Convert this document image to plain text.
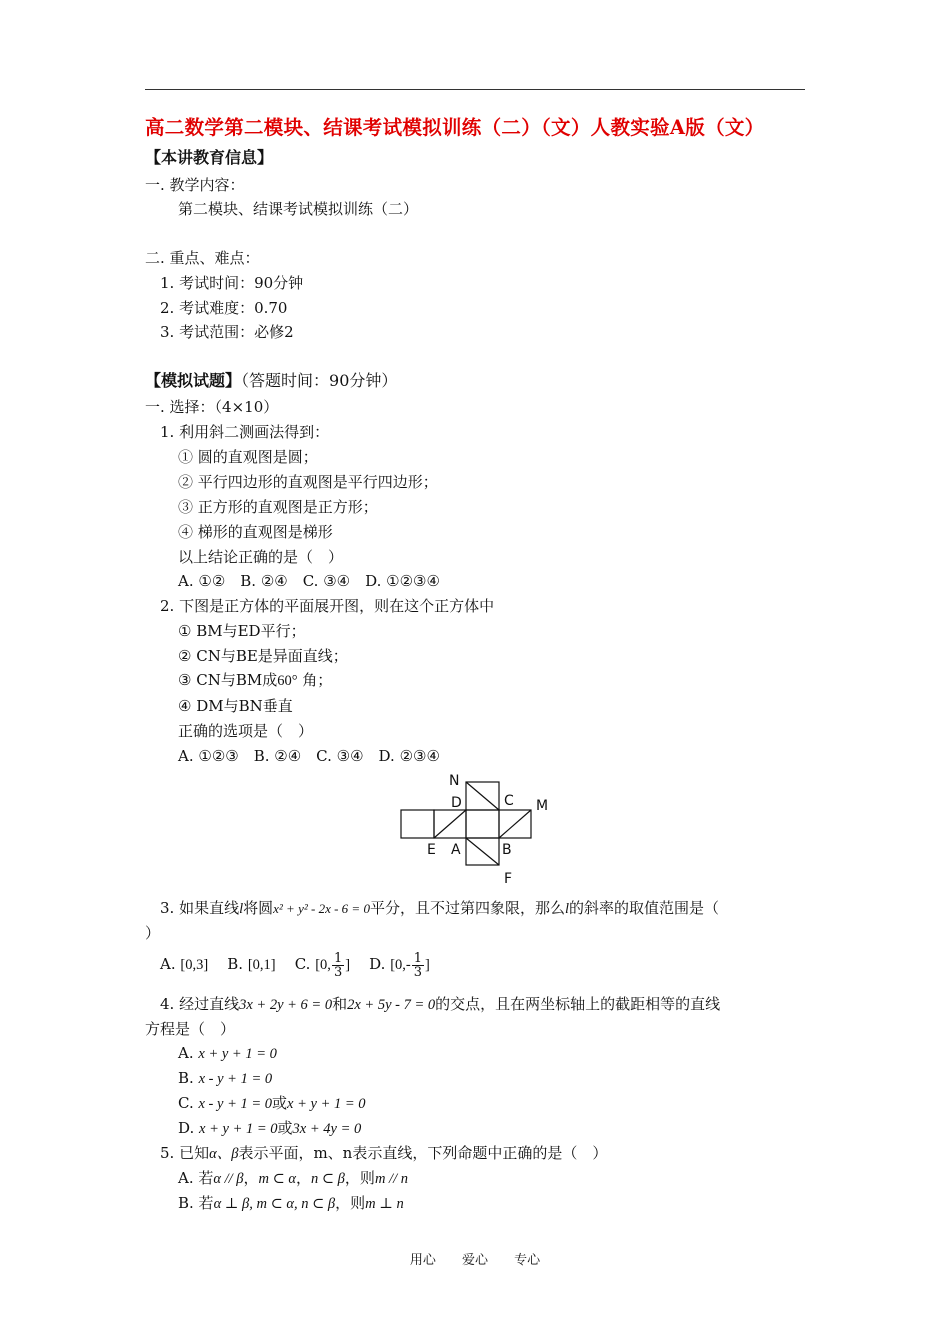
高二数学第二模块、结课考试模拟训练（二）（文）人教实验A版（文）
【本讲教育信息】
一. 教学内容：
第二模块、结课考试模拟训练（二）
二. 重点、难点：
1. 考试时间：90分钟
2. 考试难度：0.70
3. 考试范围：必修2
【模拟试题】（答题时间：90分钟）
一. 选择：（4×10）
1. 利用斜二测画法得到：
① 圆的直观图是圆；
② 平行四边形的直观图是平行四边形；
③ 正方形的直观图是正方形；
④ 梯形的直观图是梯形
以上结论正确的是（　）
A. ①②　B. ②④　C. ③④　D. ①②③④
2. 下图是正方体的平面展开图，则在这个正方体中
① BM与ED平行；
② CN与BE是异面直线；
③ CN与BM成60° 角；
④ DM与BN垂直
正确的选项是（　）
A. ①②③　B. ②④　C. ③④　D. ②③④
N
D	C M
E A	B
F
3. 如果直线l将圆x² + y² - 2x - 6 = 0平分，且不过第四象限，那么l的斜率的取值范围是（
）
A. [0,3] B. [0,1] C. [0, $\frac{1}{3}$ ] D. [$0,- \frac{1}{3}$ ]
4. 经过直线3x + 2y + 6 = 0和2x + 5y - 7 = 0的交点，且在两坐标轴上的截距相等的直线
方程是（　）
A. x + y + 1 = 0
B. x - y + 1 = 0
C. x - y + 1 = 0或x + y + 1 = 0
D. x + y + 1 = 0或3x + 4y = 0
5. 已知α、β表示平面，m、n表示直线，下列命题中正确的是（　）
A. 若α // β，m ⊂ α，n ⊂ β，则m // n
B. 若α ⊥ β, m ⊂ α, n ⊂ β，则m ⊥ n
用心 爱心 专心
